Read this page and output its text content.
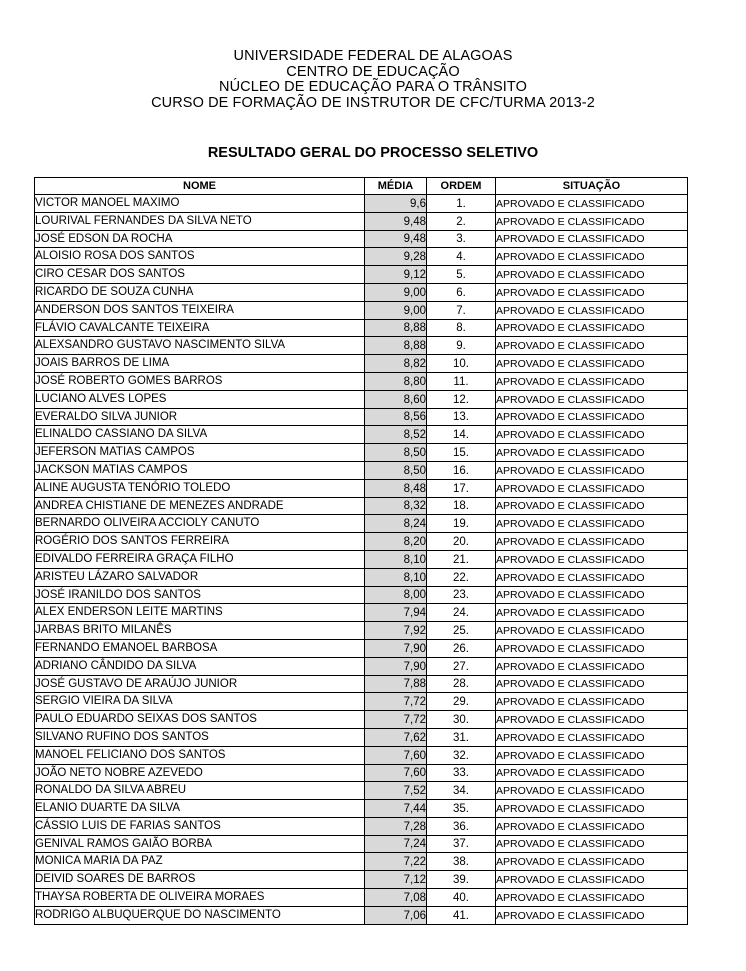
UNIVERSIDADE FEDERAL DE ALAGOAS
CENTRO DE EDUCAÇÃO
NÚCLEO DE EDUCAÇÃO PARA O TRÂNSITO
CURSO DE FORMAÇÃO DE INSTRUTOR DE CFC/TURMA 2013-2
RESULTADO GERAL DO PROCESSO SELETIVO
NOME	MÉDIA	ORDEM	SITUAÇÃO
VICTOR MANOEL MAXIMO	9,6	1.	APROVADO E CLASSIFICADO
LOURIVAL FERNANDES DA SILVA NETO	9,48	2.	APROVADO E CLASSIFICADO
JOSÉ EDSON DA ROCHA	9,48	3.	APROVADO E CLASSIFICADO
ALOISIO ROSA DOS SANTOS	9,28	4.	APROVADO E CLASSIFICADO
CIRO CESAR DOS SANTOS	9,12	5.	APROVADO E CLASSIFICADO
RICARDO DE SOUZA CUNHA	9,00	6.	APROVADO E CLASSIFICADO
ANDERSON DOS SANTOS TEIXEIRA	9,00	7.	APROVADO E CLASSIFICADO
FLÁVIO CAVALCANTE TEIXEIRA	8,88	8.	APROVADO E CLASSIFICADO
ALEXSANDRO GUSTAVO NASCIMENTO SILVA	8,88	9.	APROVADO E CLASSIFICADO
JOAIS BARROS DE LIMA	8,82	10.	APROVADO E CLASSIFICADO
JOSÉ ROBERTO GOMES BARROS	8,80	11.	APROVADO E CLASSIFICADO
LUCIANO ALVES LOPES	8,60	12.	APROVADO E CLASSIFICADO
EVERALDO SILVA JUNIOR	8,56	13.	APROVADO E CLASSIFICADO
ELINALDO CASSIANO DA SILVA	8,52	14.	APROVADO E CLASSIFICADO
JEFERSON MATIAS CAMPOS	8,50	15.	APROVADO E CLASSIFICADO
JACKSON MATIAS CAMPOS	8,50	16.	APROVADO E CLASSIFICADO
ALINE AUGUSTA TENÓRIO TOLEDO	8,48	17.	APROVADO E CLASSIFICADO
ANDREA CHISTIANE DE MENEZES ANDRADE	8,32	18.	APROVADO E CLASSIFICADO
BERNARDO OLIVEIRA ACCIOLY CANUTO	8,24	19.	APROVADO E CLASSIFICADO
ROGÉRIO DOS SANTOS FERREIRA	8,20	20.	APROVADO E CLASSIFICADO
EDIVALDO FERREIRA GRAÇA FILHO	8,10	21.	APROVADO E CLASSIFICADO
ARISTEU LÁZARO SALVADOR	8,10	22.	APROVADO E CLASSIFICADO
JOSÉ IRANILDO DOS SANTOS	8,00	23.	APROVADO E CLASSIFICADO
ALEX ENDERSON LEITE MARTINS	7,94	24.	APROVADO E CLASSIFICADO
JARBAS BRITO MILANÊS	7,92	25.	APROVADO E CLASSIFICADO
FERNANDO EMANOEL BARBOSA	7,90	26.	APROVADO E CLASSIFICADO
ADRIANO CÂNDIDO DA SILVA	7,90	27.	APROVADO E CLASSIFICADO
JOSÉ GUSTAVO DE ARAÚJO JUNIOR	7,88	28.	APROVADO E CLASSIFICADO
SERGIO VIEIRA DA SILVA	7,72	29.	APROVADO E CLASSIFICADO
PAULO EDUARDO SEIXAS DOS SANTOS	7,72	30.	APROVADO E CLASSIFICADO
SILVANO RUFINO DOS SANTOS	7,62	31.	APROVADO E CLASSIFICADO
MANOEL FELICIANO DOS SANTOS	7,60	32.	APROVADO E CLASSIFICADO
JOÃO NETO NOBRE AZEVEDO	7,60	33.	APROVADO E CLASSIFICADO
RONALDO DA SILVA ABREU	7,52	34.	APROVADO E CLASSIFICADO
ELANIO DUARTE DA SILVA	7,44	35.	APROVADO E CLASSIFICADO
CÁSSIO LUIS DE FARIAS SANTOS	7,28	36.	APROVADO E CLASSIFICADO
GENIVAL RAMOS GAIÃO BORBA	7,24	37.	APROVADO E CLASSIFICADO
MONICA MARIA DA PAZ	7,22	38.	APROVADO E CLASSIFICADO
DEIVID SOARES DE BARROS	7,12	39.	APROVADO E CLASSIFICADO
THAYSA ROBERTA DE OLIVEIRA MORAES	7,08	40.	APROVADO E CLASSIFICADO
RODRIGO ALBUQUERQUE DO NASCIMENTO	7,06	41.	APROVADO E CLASSIFICADO
